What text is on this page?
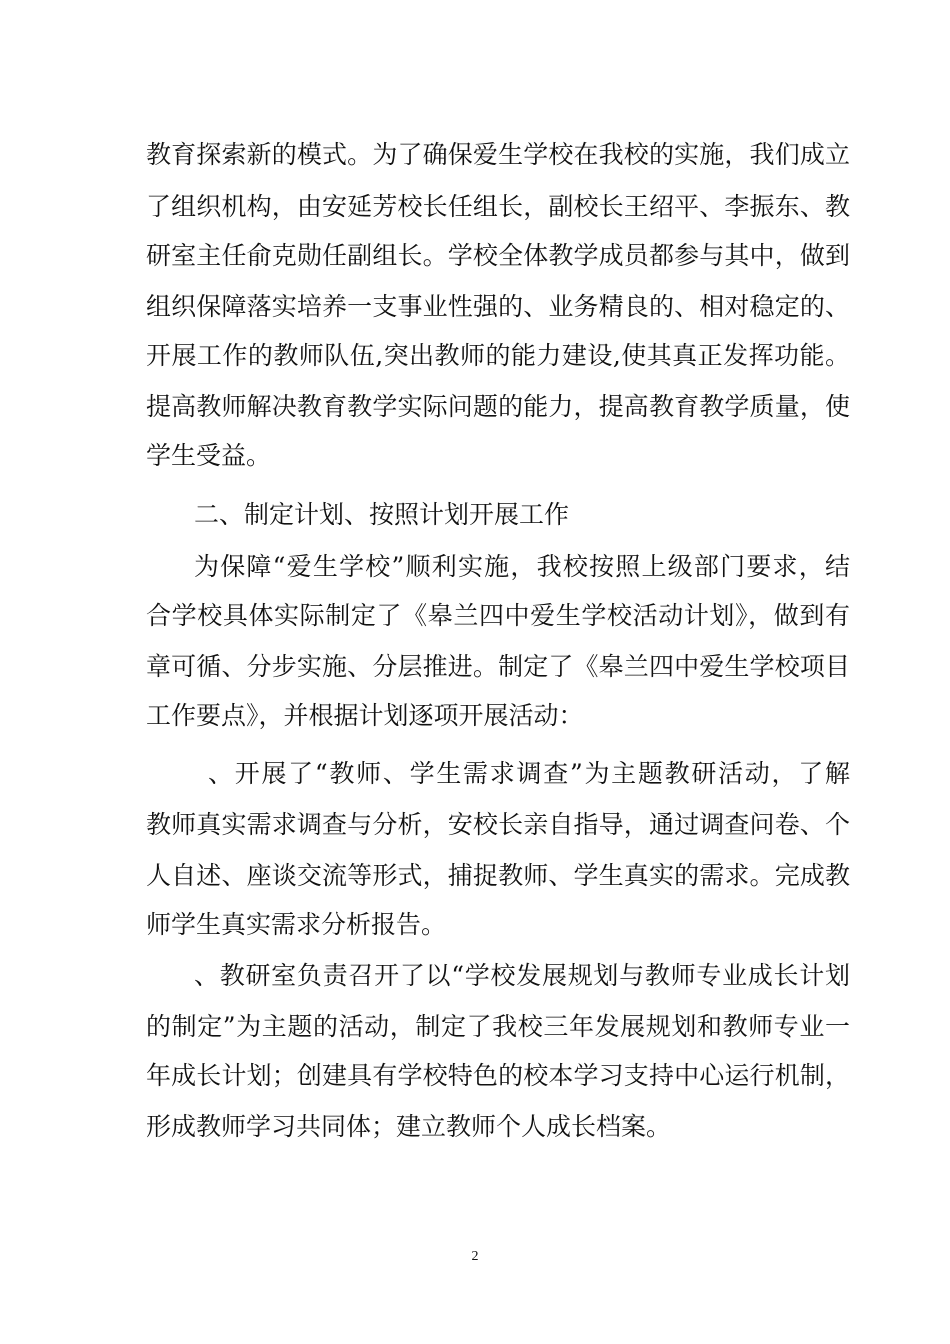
教育探索新的模式。为了确保爱生学校在我校的实施，我们成立
了组织机构，由安延芳校长任组长，副校长王绍平、李振东、教
研室主任俞克勋任副组长。学校全体教学成员都参与其中，做到
组织保障落实培养一支事业性强的、业务精良的、相对稳定的、
开展工作的教师队伍,突出教师的能力建设,使其真正发挥功能。
提高教师解决教育教学实际问题的能力，提高教育教学质量，使
学生受益。
二、制定计划、按照计划开展工作
为保障“爱生学校”顺利实施，我校按照上级部门要求，结
合学校具体实际制定了《皋兰四中爱生学校活动计划》，做到有
章可循、分步实施、分层推进。制定了《皋兰四中爱生学校项目
工作要点》，并根据计划逐项开展活动：
、开展了“教师、学生需求调查”为主题教研活动，了解
教师真实需求调查与分析，安校长亲自指导，通过调查问卷、个
人自述、座谈交流等形式，捕捉教师、学生真实的需求。完成教
师学生真实需求分析报告。
、教研室负责召开了以“学校发展规划与教师专业成长计划
的制定”为主题的活动，制定了我校三年发展规划和教师专业一
年成长计划；创建具有学校特色的校本学习支持中心运行机制，
形成教师学习共同体；建立教师个人成长档案。
2
